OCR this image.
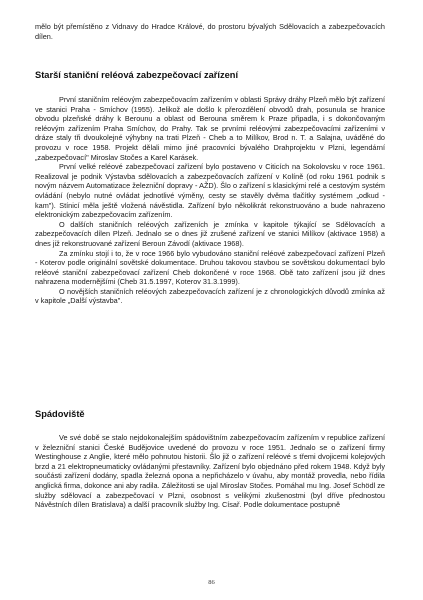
mělo být přemístěno z Vidnavy do Hradce Králové, do prostoru bývalých Sdělovacích a zabezpečovacích dílen.

Starší staniční reléová zabezpečovací zařízení

První staničním reléovým zabezpečovacím zařízením v oblasti Správy dráhy Plzeň mělo být zařízení ve stanici Praha - Smíchov (1955). Jelikož ale došlo k přerozdělení obvodů drah, posunula se hranice obvodu plzeňské dráhy k Berounu a oblast od Berouna směrem k Praze připadla, i s dokončovaným reléovým zařízením Praha Smíchov, do Prahy. Tak se prvními reléovými zabezpečovacími zařízeními v dráze staly tři dvoukolejné výhybny na trati Plzeň - Cheb a to Milíkov, Brod n. T. a Salajna, uváděné do provozu v roce 1958. Projekt dělali mimo jiné pracovníci bývalého Drahprojektu v Plzni, legendární „zabezpečovací" Miroslav Stočes a Karel Karásek.

První velké reléové zabezpečovací zařízení bylo postaveno v Citicích na Sokolovsku v roce 1961. Realizoval je podnik Výstavba sdělovacích a zabezpečovacích zařízení v Kolíně (od roku 1961 podnik s novým názvem Automatizace železniční dopravy - AŽD). Šlo o zařízení s klasickými relé a cestovým systém ovládání (nebylo nutné ovládat jednotlivé výměny, cesty se stavěly dvěma tlačítky systémem „odkud - kam"). Stínicí měla ještě vložená návěstidla. Zařízení bylo několikrát rekonstruováno a bude nahrazeno elektronickým zabezpečovacím zařízením.

O dalších staničních reléových zařízeních je zmínka v kapitole týkající se Sdělovacích a zabezpečovacích dílen Plzeň. Jednalo se o dnes již zrušené zařízení ve stanici Milíkov (aktivace 1958) a dnes již rekonstruované zařízení Beroun Závodí (aktivace 1968).

Za zmínku stojí i to, že v roce 1966 bylo vybudováno staniční reléové zabezpečovací zařízení Plzeň - Koterov podle originální sovětské dokumentace. Druhou takovou stavbou se sovětskou dokumentací bylo reléové staniční zabezpečovací zařízení Cheb dokončené v roce 1968. Obě tato zařízení jsou již dnes nahrazena modernějšími (Cheb 31.5.1997, Koterov 31.3.1999).

O novějších staničních reléových zabezpečovacích zařízení je z chronologických důvodů zmínka až v kapitole „Další výstavba".

Spádoviště

Ve své době se stalo nejdokonalejším spádovištním zabezpečovacím zařízením v republice zařízení v železniční stanici České Budějovice uvedené do provozu v roce 1951. Jednalo se o zařízení firmy Westinghouse z Anglie, které mělo pohnutou historii. Šlo již o zařízení reléové s třemi dvojicemi kolejových brzd a 21 elektropneumaticky ovládanými přestavníky. Zařízení bylo objednáno před rokem 1948. Když byly součásti zařízení dodány, spadla železná opona a nepřicházelo v úvahu, aby montáž provedla, nebo řídila anglická firma, dokonce ani aby radila. Záležitosti se ujal Miroslav Stočes. Pomáhal mu Ing. Josef Schödl ze služby sdělovací a zabezpečovací v Plzni, osobnost s velikými zkušenostmi (byl dříve přednostou Návěstních dílen Bratislava) a další pracovník služby Ing. Císař. Podle dokumentace postupně

86
